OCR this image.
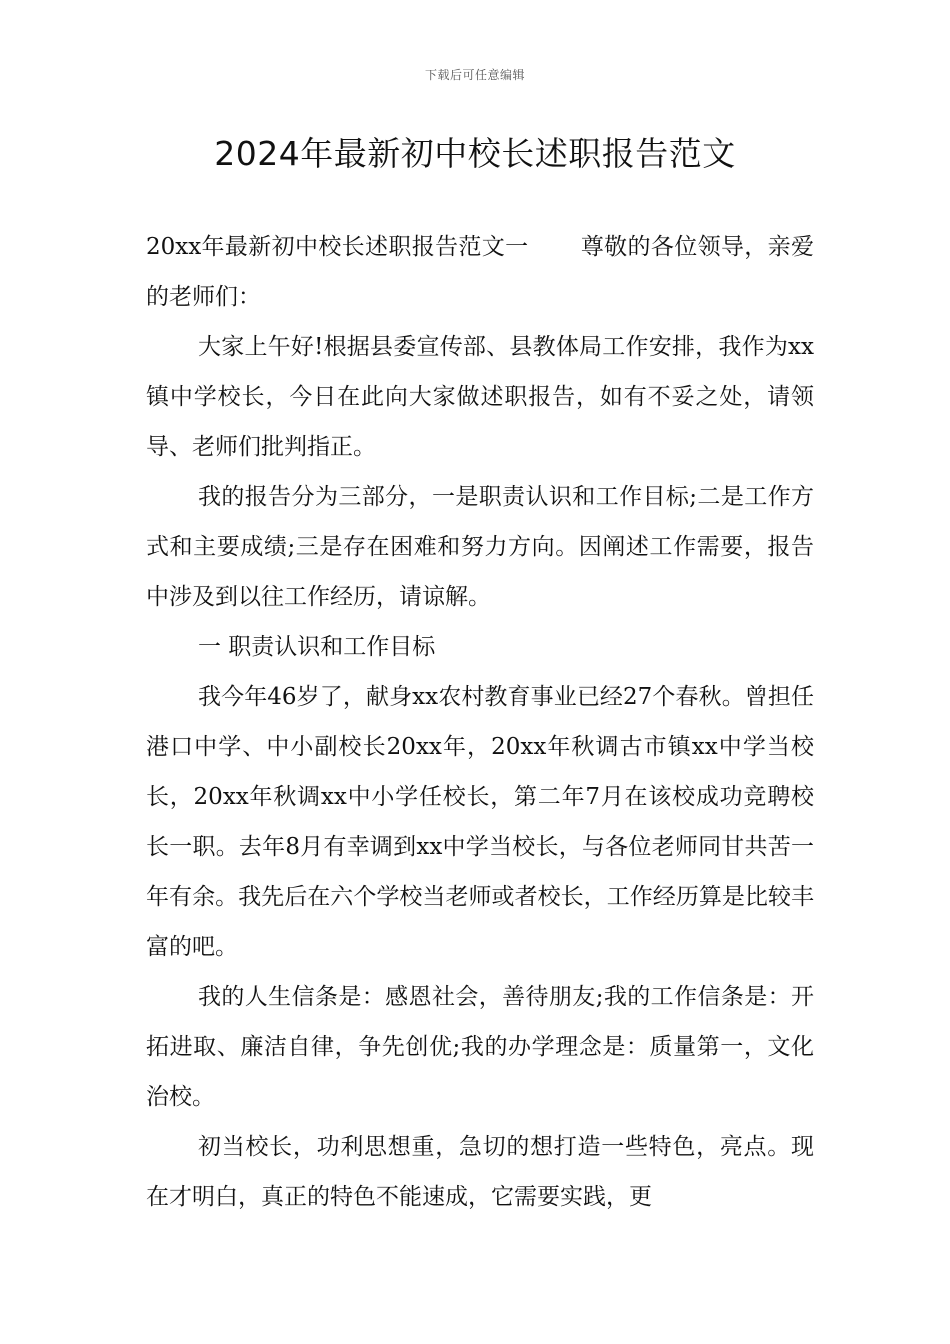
下载后可任意编辑
2024年最新初中校长述职报告范文

20xx年最新初中校长述职报告范文一 尊敬的各位领导，亲爱的老师们：

大家上午好!根据县委宣传部、县教体局工作安排，我作为xx镇中学校长，今日在此向大家做述职报告，如有不妥之处，请领导、老师们批判指正。

我的报告分为三部分，一是职责认识和工作目标;二是工作方式和主要成绩;三是存在困难和努力方向。因阐述工作需要，报告中涉及到以往工作经历，请谅解。

一 职责认识和工作目标

我今年46岁了，献身xx农村教育事业已经27个春秋。曾担任港口中学、中小副校长20xx年，20xx年秋调古市镇xx中学当校长，20xx年秋调xx中小学任校长，第二年7月在该校成功竞聘校长一职。去年8月有幸调到xx中学当校长，与各位老师同甘共苦一年有余。我先后在六个学校当老师或者校长，工作经历算是比较丰富的吧。

我的人生信条是：感恩社会，善待朋友;我的工作信条是：开拓进取、廉洁自律，争先创优;我的办学理念是：质量第一，文化治校。

初当校长，功利思想重，急切的想打造一些特色，亮点。现在才明白，真正的特色不能速成，它需要实践，更
